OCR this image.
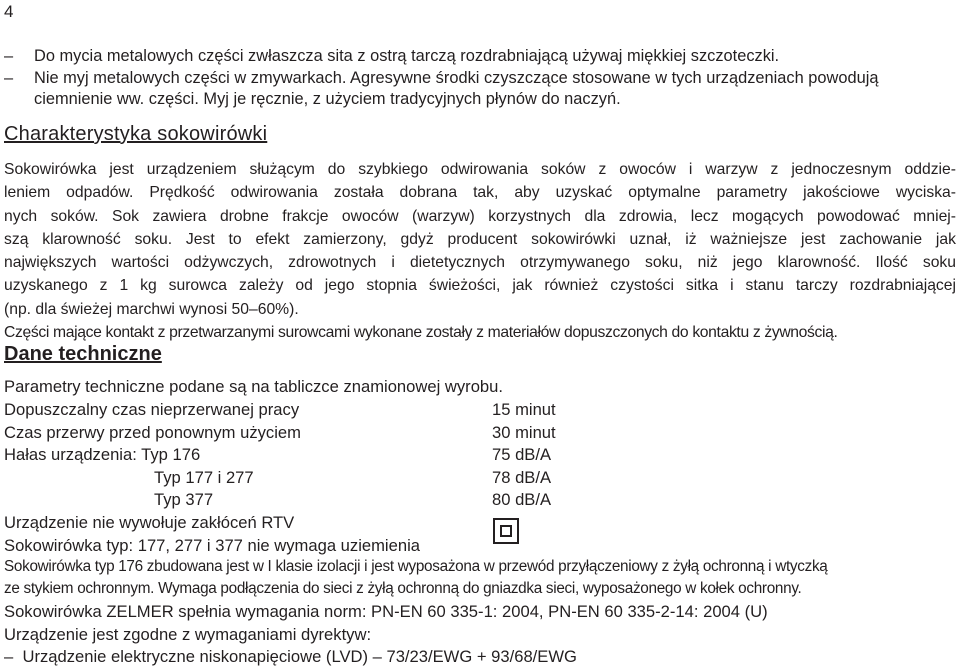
4
– Do mycia metalowych części zwłaszcza sita z ostrą tarczą rozdrabniającą używaj miękkiej szczoteczki.
– Nie myj metalowych części w zmywarkach. Agresywne środki czyszczące stosowane w tych urządzeniach powodują
ciemnienie ww. części. Myj je ręcznie, z użyciem tradycyjnych płynów do naczyń.
Charakterystyka sokowirówki
Sokowirówka jest urządzeniem służącym do szybkiego odwirowania soków z owoców i warzyw z jednoczesnym oddzie-
leniem odpadów. Prędkość odwirowania została dobrana tak, aby uzyskać optymalne parametry jakościowe wyciska-
nych soków. Sok zawiera drobne frakcje owoców (warzyw) korzystnych dla zdrowia, lecz mogących powodować mniej-
szą klarowność soku. Jest to efekt zamierzony, gdyż producent sokowirówki uznał, iż ważniejsze jest zachowanie jak
największych wartości odżywczych, zdrowotnych i dietetycznych otrzymywanego soku, niż jego klarowność. Ilość soku
uzyskanego z 1 kg surowca zależy od jego stopnia świeżości, jak również czystości sitka i stanu tarczy rozdrabniającej
(np. dla świeżej marchwi wynosi 50–60%).
Części mające kontakt z przetwarzanymi surowcami wykonane zostały z materiałów dopuszczonych do kontaktu z żywnością.
Dane techniczne
Parametry techniczne podane są na tabliczce znamionowej wyrobu.
Dopuszczalny czas nieprzerwanej pracy	15 minut
Czas przerwy przed ponownym użyciem	30 minut
Hałas urządzenia: Typ 176	75 dB/A
Typ 177 i 277	78 dB/A
Typ 377	80 dB/A
Urządzenie nie wywołuje zakłóceń RTV
Sokowirówka typ: 177, 277 i 377 nie wymaga uziemienia
Sokowirówka typ 176 zbudowana jest w I klasie izolacji i jest wyposażona w przewód przyłączeniowy z żyłą ochronną i wtyczką
ze stykiem ochronnym. Wymaga podłączenia do sieci z żyłą ochronną do gniazdka sieci, wyposażonego w kołek ochronny.
Sokowirówka ZELMER spełnia wymagania norm: PN-EN 60 335-1: 2004, PN-EN 60 335-2-14: 2004 (U)
Urządzenie jest zgodne z wymaganiami dyrektyw:
– Urządzenie elektryczne niskonapięciowe (LVD) – 73/23/EWG + 93/68/EWG
